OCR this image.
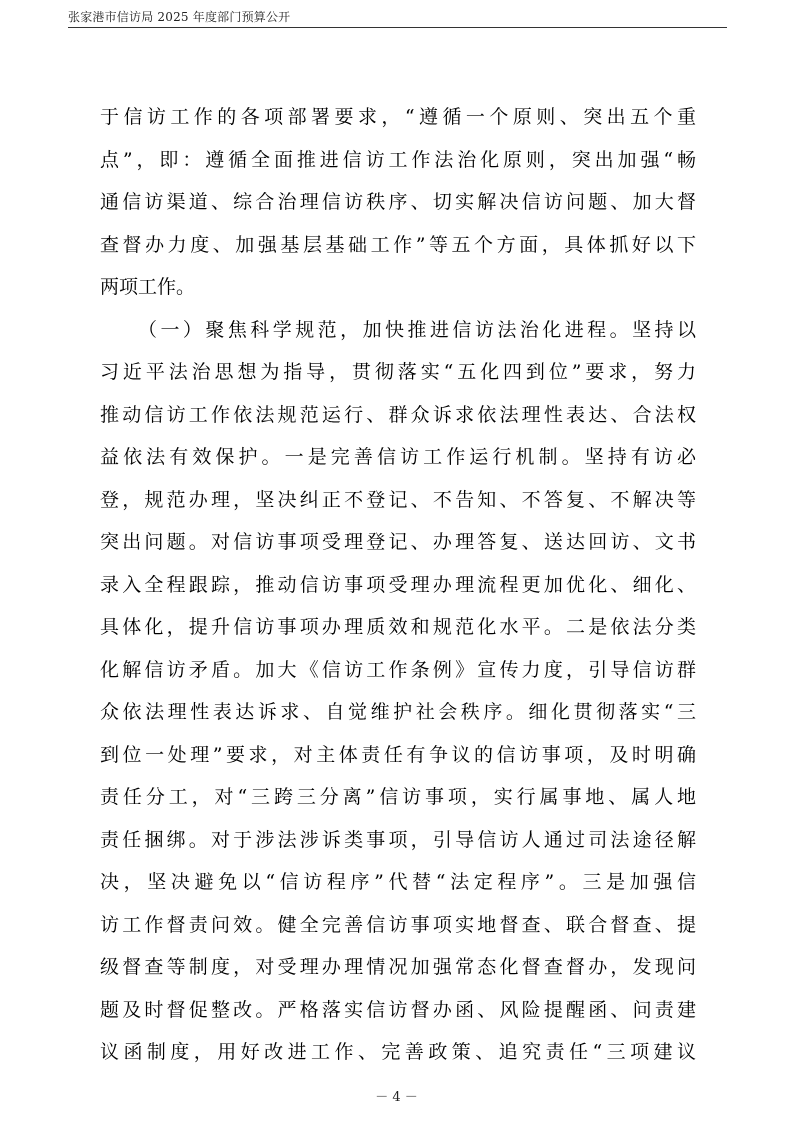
张家港市信访局 2025 年度部门预算公开
于信访工作的各项部署要求，“遵循一个原则、突出五个重
点”，即：遵循全面推进信访工作法治化原则，突出加强“畅
通信访渠道、综合治理信访秩序、切实解决信访问题、加大督
查督办力度、加强基层基础工作”等五个方面，具体抓好以下
两项工作。
（一）聚焦科学规范，加快推进信访法治化进程。坚持以
习近平法治思想为指导，贯彻落实“五化四到位”要求，努力
推动信访工作依法规范运行、群众诉求依法理性表达、合法权
益依法有效保护。一是完善信访工作运行机制。坚持有访必
登，规范办理，坚决纠正不登记、不告知、不答复、不解决等
突出问题。对信访事项受理登记、办理答复、送达回访、文书
录入全程跟踪，推动信访事项受理办理流程更加优化、细化、
具体化，提升信访事项办理质效和规范化水平。二是依法分类
化解信访矛盾。加大《信访工作条例》宣传力度，引导信访群
众依法理性表达诉求、自觉维护社会秩序。细化贯彻落实“三
到位一处理”要求，对主体责任有争议的信访事项，及时明确
责任分工，对“三跨三分离”信访事项，实行属事地、属人地
责任捆绑。对于涉法涉诉类事项，引导信访人通过司法途径解
决，坚决避免以“信访程序”代替“法定程序”。三是加强信
访工作督责问效。健全完善信访事项实地督查、联合督查、提
级督查等制度，对受理办理情况加强常态化督查督办，发现问
题及时督促整改。严格落实信访督办函、风险提醒函、问责建
议函制度，用好改进工作、完善政策、追究责任“三项建议
－ 4 －
